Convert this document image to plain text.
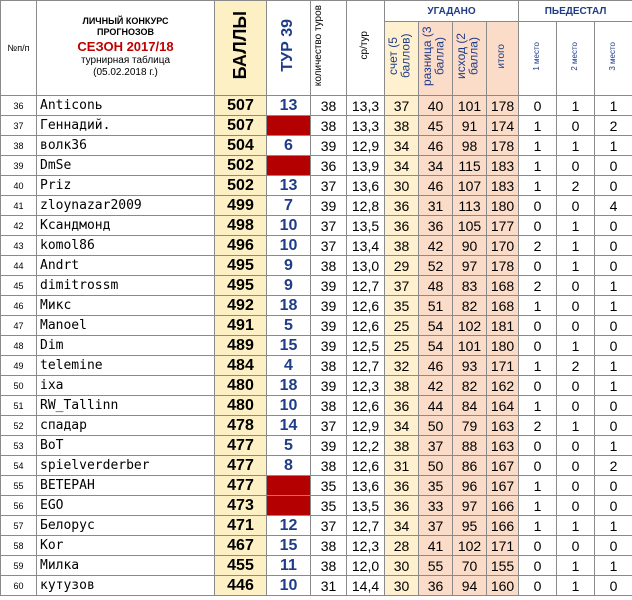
№п/п	ЛИЧНЫЙ КОНКУРС
ПРОГНОЗОВ
СЕЗОН 2017/18
турнирная таблица
(05.02.2018 г.)	БАЛЛЫ	ТУР 39	количество туров	ср/тур	УГАДАНО				ПЬЕДЕСТАЛ		
						счет (5 баллов)	разница (3 балла)	исход (2 балла)	итого	1 место	2 место	3 место
36	Anticonь	507	13	38	13,3	37	40	101	178	0	1	1
37	Геннадий.	507		38	13,3	38	45	91	174	1	0	2
38	волк36	504	6	39	12,9	34	46	98	178	1	1	1
39	DmSe	502		36	13,9	34	34	115	183	1	0	0
40	Priz	502	13	37	13,6	30	46	107	183	1	2	0
41	zloynazar2009	499	7	39	12,8	36	31	113	180	0	0	4
42	Ксандмонд	498	10	37	13,5	36	36	105	177	0	1	0
43	komol86	496	10	37	13,4	38	42	90	170	2	1	0
44	Andrt	495	9	38	13,0	29	52	97	178	0	1	0
45	dimitrossm	495	9	39	12,7	37	48	83	168	2	0	1
46	Микс	492	18	39	12,6	35	51	82	168	1	0	1
47	Manoel	491	5	39	12,6	25	54	102	181	0	0	0
48	Dim	489	15	39	12,5	25	54	101	180	0	1	0
49	telemine	484	4	38	12,7	32	46	93	171	1	2	1
50	ixa	480	18	39	12,3	38	42	82	162	0	0	1
51	RW_Tallinn	480	10	38	12,6	36	44	84	164	1	0	0
52	спадар	478	14	37	12,9	34	50	79	163	2	1	0
53	BoT	477	5	39	12,2	38	37	88	163	0	0	1
54	spielverderber	477	8	38	12,6	31	50	86	167	0	0	2
55	ВЕТЕРАН	477		35	13,6	36	35	96	167	1	0	0
56	EGO	473		35	13,5	36	33	97	166	1	0	0
57	Белорус	471	12	37	12,7	34	37	95	166	1	1	1
58	Kor	467	15	38	12,3	28	41	102	171	0	0	0
59	Милка	455	11	38	12,0	30	55	70	155	0	1	1
60	кутузов	446	10	31	14,4	30	36	94	160	0	1	0
